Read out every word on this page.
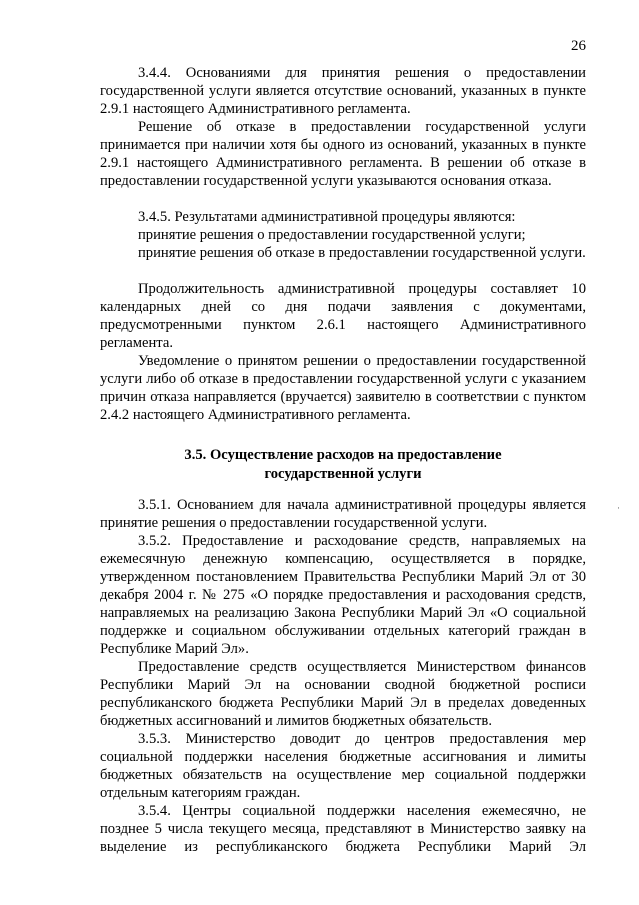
26

3.4.4. Основаниями для принятия решения о предоставлении государственной услуги является отсутствие оснований, указанных в пункте 2.9.1 настоящего Административного регламента.

Решение об отказе в предоставлении государственной услуги принимается при наличии хотя бы одного из оснований, указанных в пункте 2.9.1 настоящего Административного регламента. В решении об отказе в предоставлении государственной услуги указываются основания отказа.

3.4.5. Результатами административной процедуры являются:

принятие решения о предоставлении государственной услуги;

принятие решения об отказе в предоставлении государственной услуги.

Продолжительность административной процедуры составляет 10 календарных дней со дня подачи заявления с документами, предусмотренными пунктом 2.6.1 настоящего Административного регламента.

Уведомление о принятом решении о предоставлении государственной услуги либо об отказе в предоставлении государственной услуги с указанием причин отказа направляется (вручается) заявителю в соответствии с пунктом 2.4.2 настоящего Административного регламента.

3.5. Осуществление расходов на предоставление
государственной услуги
·

3.5.1. Основанием для начала административной процедуры является принятие решения о предоставлении государственной услуги.

3.5.2. Предоставление и расходование средств, направляемых на ежемесячную денежную компенсацию, осуществляется в порядке, утвержденном постановлением Правительства Республики Марий Эл от 30 декабря 2004 г. № 275 «О порядке предоставления и расходования средств, направляемых на реализацию Закона Республики Марий Эл «О социальной поддержке и социальном обслуживании отдельных категорий граждан в Республике Марий Эл».

Предоставление средств осуществляется Министерством финансов Республики Марий Эл на основании сводной бюджетной росписи республиканского бюджета Республики Марий Эл в пределах доведенных бюджетных ассигнований и лимитов бюджетных обязательств.

3.5.3. Министерство доводит до центров предоставления мер социальной поддержки населения бюджетные ассигнования и лимиты бюджетных обязательств на осуществление мер социальной поддержки отдельным категориям граждан.

3.5.4. Центры социальной поддержки населения ежемесячно, не позднее 5 числа текущего месяца, представляют в Министерство заявку на выделение из республиканского бюджета Республики Марий Эл
